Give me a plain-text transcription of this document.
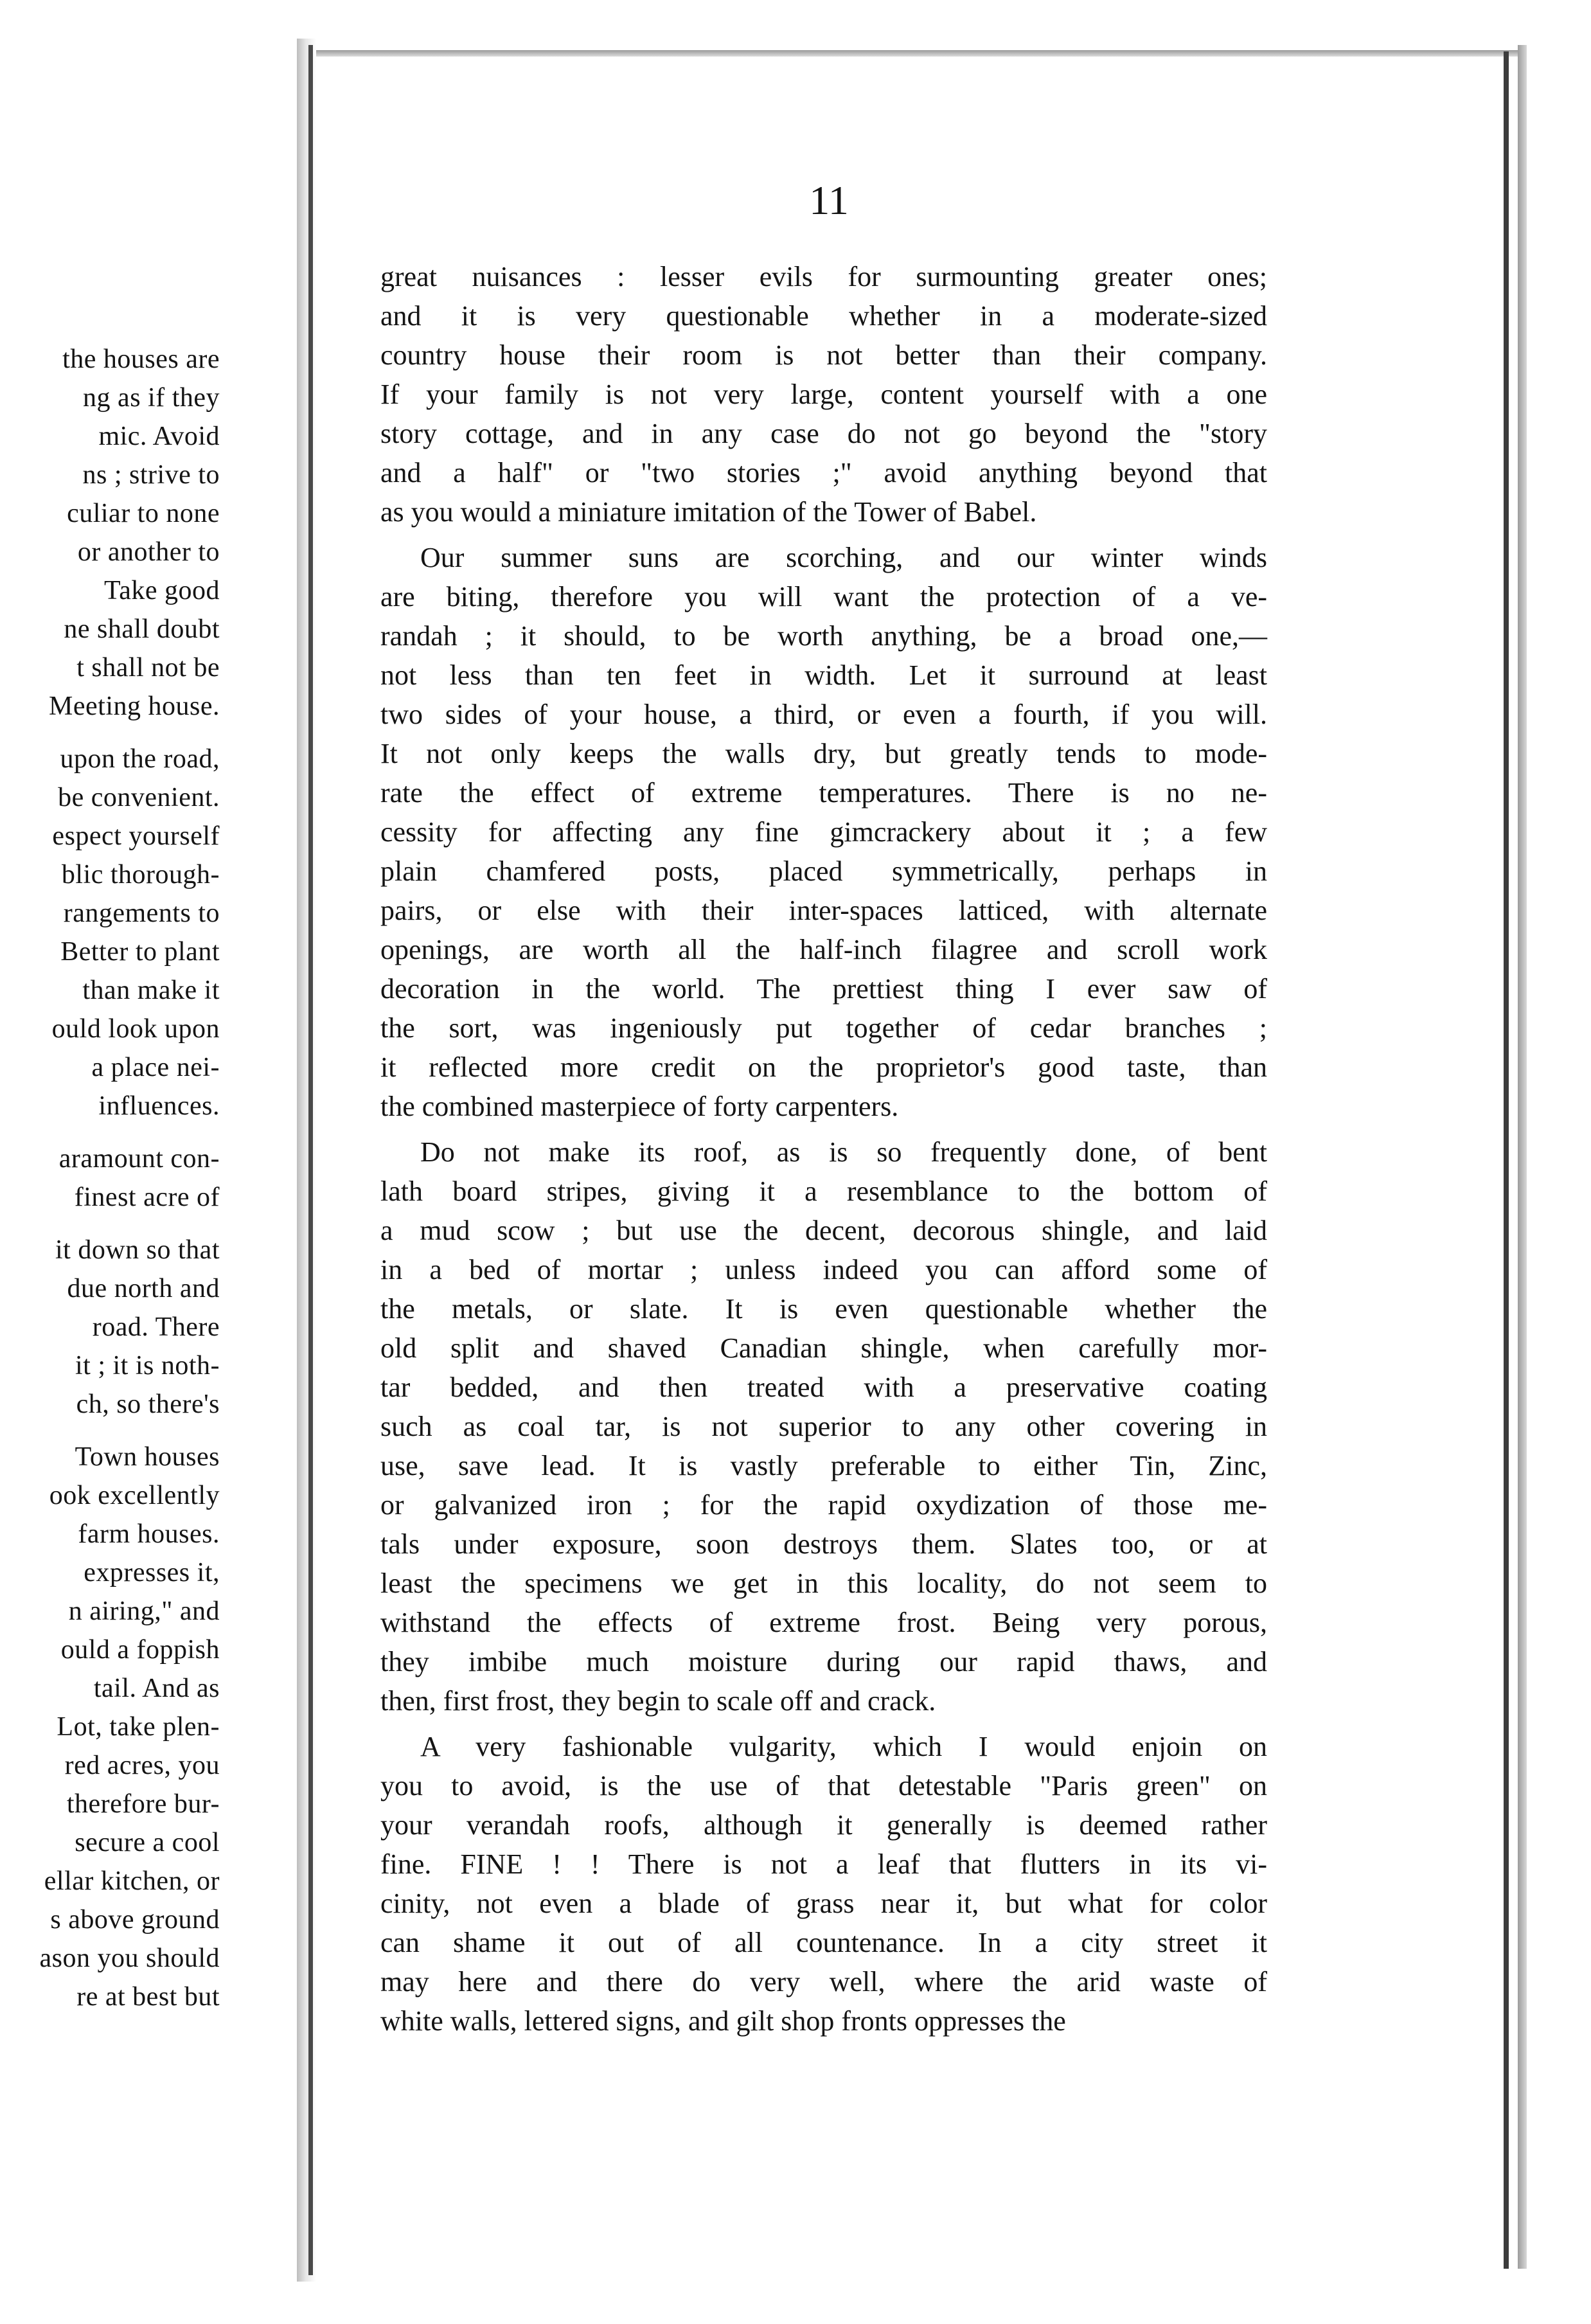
the houses are
ng as if they
mic. Avoid
ns ; strive to
culiar to none
or another to
Take good
ne shall doubt
t shall not be
Meeting house.
upon the road,
be convenient.
espect yourself
blic thorough-
rangements to
Better to plant
than make it
ould look upon
a place nei-
influences.
aramount con-
finest acre of
it down so that
due north and
road. There
it ; it is noth-
ch, so there's
Town houses
ook excellently
farm houses.
expresses it,
n airing," and
ould a foppish
tail. And as
Lot, take plen-
red acres, you
therefore bur-
secure a cool
ellar kitchen, or
s above ground
ason you should
re at best but
11

great nuisances : lesser evils for surmounting greater ones;
and it is very questionable whether in a moderate-sized
country house their room is not better than their company.
If your family is not very large, content yourself with a one
story cottage, and in any case do not go beyond the "story
and a half" or "two stories ;" avoid anything beyond that
as you would a miniature imitation of the Tower of Babel.

Our summer suns are scorching, and our winter winds
are biting, therefore you will want the protection of a ve-
randah ; it should, to be worth anything, be a broad one,—
not less than ten feet in width. Let it surround at least
two sides of your house, a third, or even a fourth, if you will.
It not only keeps the walls dry, but greatly tends to mode-
rate the effect of extreme temperatures. There is no ne-
cessity for affecting any fine gimcrackery about it ; a few
plain chamfered posts, placed symmetrically, perhaps in
pairs, or else with their inter-spaces latticed, with alternate
openings, are worth all the half-inch filagree and scroll work
decoration in the world. The prettiest thing I ever saw of
the sort, was ingeniously put together of cedar branches ;
it reflected more credit on the proprietor's good taste, than
the combined masterpiece of forty carpenters.

Do not make its roof, as is so frequently done, of bent
lath board stripes, giving it a resemblance to the bottom of
a mud scow ; but use the decent, decorous shingle, and laid
in a bed of mortar ; unless indeed you can afford some of
the metals, or slate. It is even questionable whether the
old split and shaved Canadian shingle, when carefully mor-
tar bedded, and then treated with a preservative coating
such as coal tar, is not superior to any other covering in
use, save lead. It is vastly preferable to either Tin, Zinc,
or galvanized iron ; for the rapid oxydization of those me-
tals under exposure, soon destroys them. Slates too, or at
least the specimens we get in this locality, do not seem to
withstand the effects of extreme frost. Being very porous,
they imbibe much moisture during our rapid thaws, and
then, first frost, they begin to scale off and crack.

A very fashionable vulgarity, which I would enjoin on
you to avoid, is the use of that detestable "Paris green" on
your verandah roofs, although it generally is deemed rather
fine. FINE ! ! There is not a leaf that flutters in its vi-
cinity, not even a blade of grass near it, but what for color
can shame it out of all countenance. In a city street it
may here and there do very well, where the arid waste of
white walls, lettered signs, and gilt shop fronts oppresses the
